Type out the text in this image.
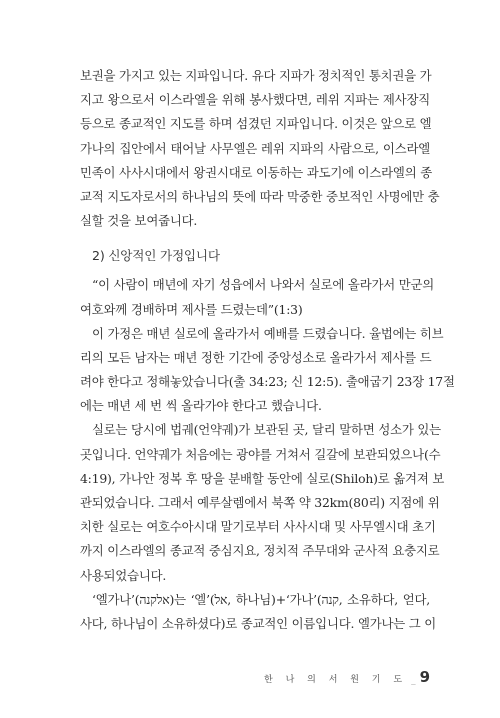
보권을 가지고 있는 지파입니다. 유다 지파가 정치적인 통치권을 가
지고 왕으로서 이스라엘을 위해 봉사했다면, 레위 지파는 제사장직
등으로 종교적인 지도를 하며 섬겼던 지파입니다. 이것은 앞으로 엘
가나의 집안에서 태어날 사무엘은 레위 지파의 사람으로, 이스라엘
민족이 사사시대에서 왕권시대로 이동하는 과도기에 이스라엘의 종
교적 지도자로서의 하나님의 뜻에 따라 막중한 중보적인 사명에만 충
실할 것을 보여줍니다.
2) 신앙적인 가정입니다
“이 사람이 매년에 자기 성읍에서 나와서 실로에 올라가서 만군의
여호와께 경배하며 제사를 드렸는데”(1:3)
이 가정은 매년 실로에 올라가서 예배를 드렸습니다. 율법에는 히브
리의 모든 남자는 매년 정한 기간에 중앙성소로 올라가서 제사를 드
려야 한다고 정해놓았습니다(출 34:23; 신 12:5). 출애굽기 23장 17절
에는 매년 세 번 씩 올라가야 한다고 했습니다.
실로는 당시에 법궤(언약궤)가 보관된 곳, 달리 말하면 성소가 있는
곳입니다. 언약궤가 처음에는 광야를 거쳐서 길갈에 보관되었으나(수
4:19), 가나안 정복 후 땅을 분배할 동안에 실로(Shiloh)로 옮겨져 보
관되었습니다. 그래서 예루살렘에서 북쪽 약 32km(80리) 지점에 위
치한 실로는 여호수아시대 말기로부터 사사시대 및 사무엘시대 초기
까지 이스라엘의 종교적 중심지요, 정치적 주무대와 군사적 요충지로
사용되었습니다.
‘엘가나’(אלקנה)는 ‘엘’(אל, 하나님)+‘가나’(קנה, 소유하다, 얻다,
사다, 하나님이 소유하셨다)로 종교적인 이름입니다. 엘가나는 그 이
한 나 의 서 원 기 도 _ 9
